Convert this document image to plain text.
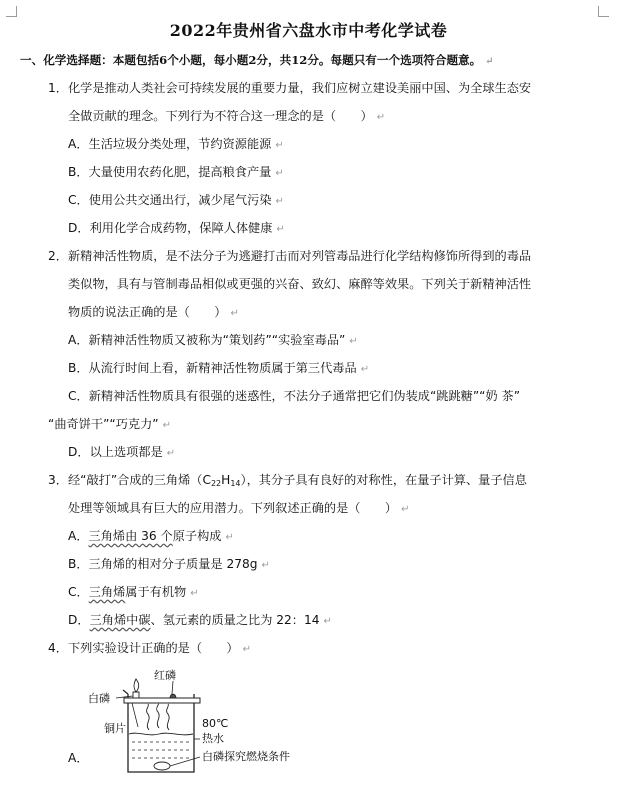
2022年贵州省六盘水市中考化学试卷
一、化学选择题：本题包括6个小题，每小题2分，共12分。每题只有一个选项符合题意。 ↵
1．化学是推动人类社会可持续发展的重要力量，我们应树立建设美丽中国、为全球生态安
全做贡献的理念。下列行为不符合这一理念的是（　　） ↵
A．生活垃圾分类处理，节约资源能源 ↵
B．大量使用农药化肥，提高粮食产量 ↵
C．使用公共交通出行，减少尾气污染 ↵
D．利用化学合成药物，保障人体健康 ↵
2．新精神活性物质，是不法分子为逃避打击而对列管毒品进行化学结构修饰所得到的毒品
类似物，具有与管制毒品相似或更强的兴奋、致幻、麻醉等效果。下列关于新精神活性
物质的说法正确的是（　　） ↵
A．新精神活性物质又被称为“策划药”“实验室毒品” ↵
B．从流行时间上看，新精神活性物质属于第三代毒品 ↵
C．新精神活性物质具有很强的迷惑性，不法分子通常把它们伪装成“跳跳糖”“奶 茶”
“曲奇饼干”“巧克力” ↵
D．以上选项都是 ↵
3．经“敲打”合成的三角烯$(C_{22}H_{14})$，其分子具有良好的对称性，在量子计算、量子信息
处理等领域具有巨大的应用潜力。下列叙述正确的是（　　） ↵
A．三角烯由 36 个原子构成 ↵
B．三角烯的相对分子质量是 278g ↵
C．三角烯属于有机物 ↵
D．三角烯中碳、氢元素的质量之比为 22：14 ↵
4．下列实验设计正确的是（　　） ↵
红磷
白磷
铜片	80℃
热水
白磷探究燃烧条件
A．
